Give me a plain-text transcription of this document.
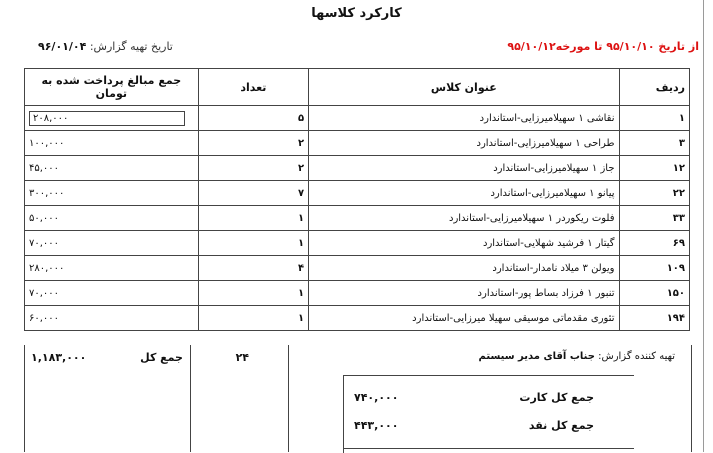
کارکرد کلاسها
از تاریخ ۹۵/۱۰/۱۰ تا مورخه۹۵/۱۰/۱۲
تاریخ تهیه گزارش: ۹۶/۰۱/۰۴
ردیف	عنوان کلاس	تعداد	جمع مبالغ پرداخت شده به تومان
۱	نقاشی ۱ سهیلامیرزایی-استاندارد	۵	۲۰۸,۰۰۰
۳	طراحی ۱ سهیلامیرزایی-استاندارد	۲	۱۰۰,۰۰۰
۱۲	جاز ۱ سهیلامیرزایی-استاندارد	۲	۴۵,۰۰۰
۲۲	پیانو ۱ سهیلامیرزایی-استاندارد	۷	۳۰۰,۰۰۰
۳۳	فلوت ریکوردر ۱ سهیلامیرزایی-استاندارد	۱	۵۰,۰۰۰
۶۹	گیتار ۱ فرشید شهلایی-استاندارد	۱	۷۰,۰۰۰
۱۰۹	ویولن ۳ میلاد نامدار-استاندارد	۴	۲۸۰,۰۰۰
۱۵۰	تنبور ۱ فرزاد بساط پور-استاندارد	۱	۷۰,۰۰۰
۱۹۴	تئوری مقدماتی موسیقی سهیلا میرزایی-استاندارد	۱	۶۰,۰۰۰
۱,۱۸۳,۰۰۰	جمع کل	۲۴	تهیه کننده گزارش: جناب آقای مدیر سیستم
جمع کل کارت
۷۴۰,۰۰۰
جمع کل نقد
۴۴۳,۰۰۰
